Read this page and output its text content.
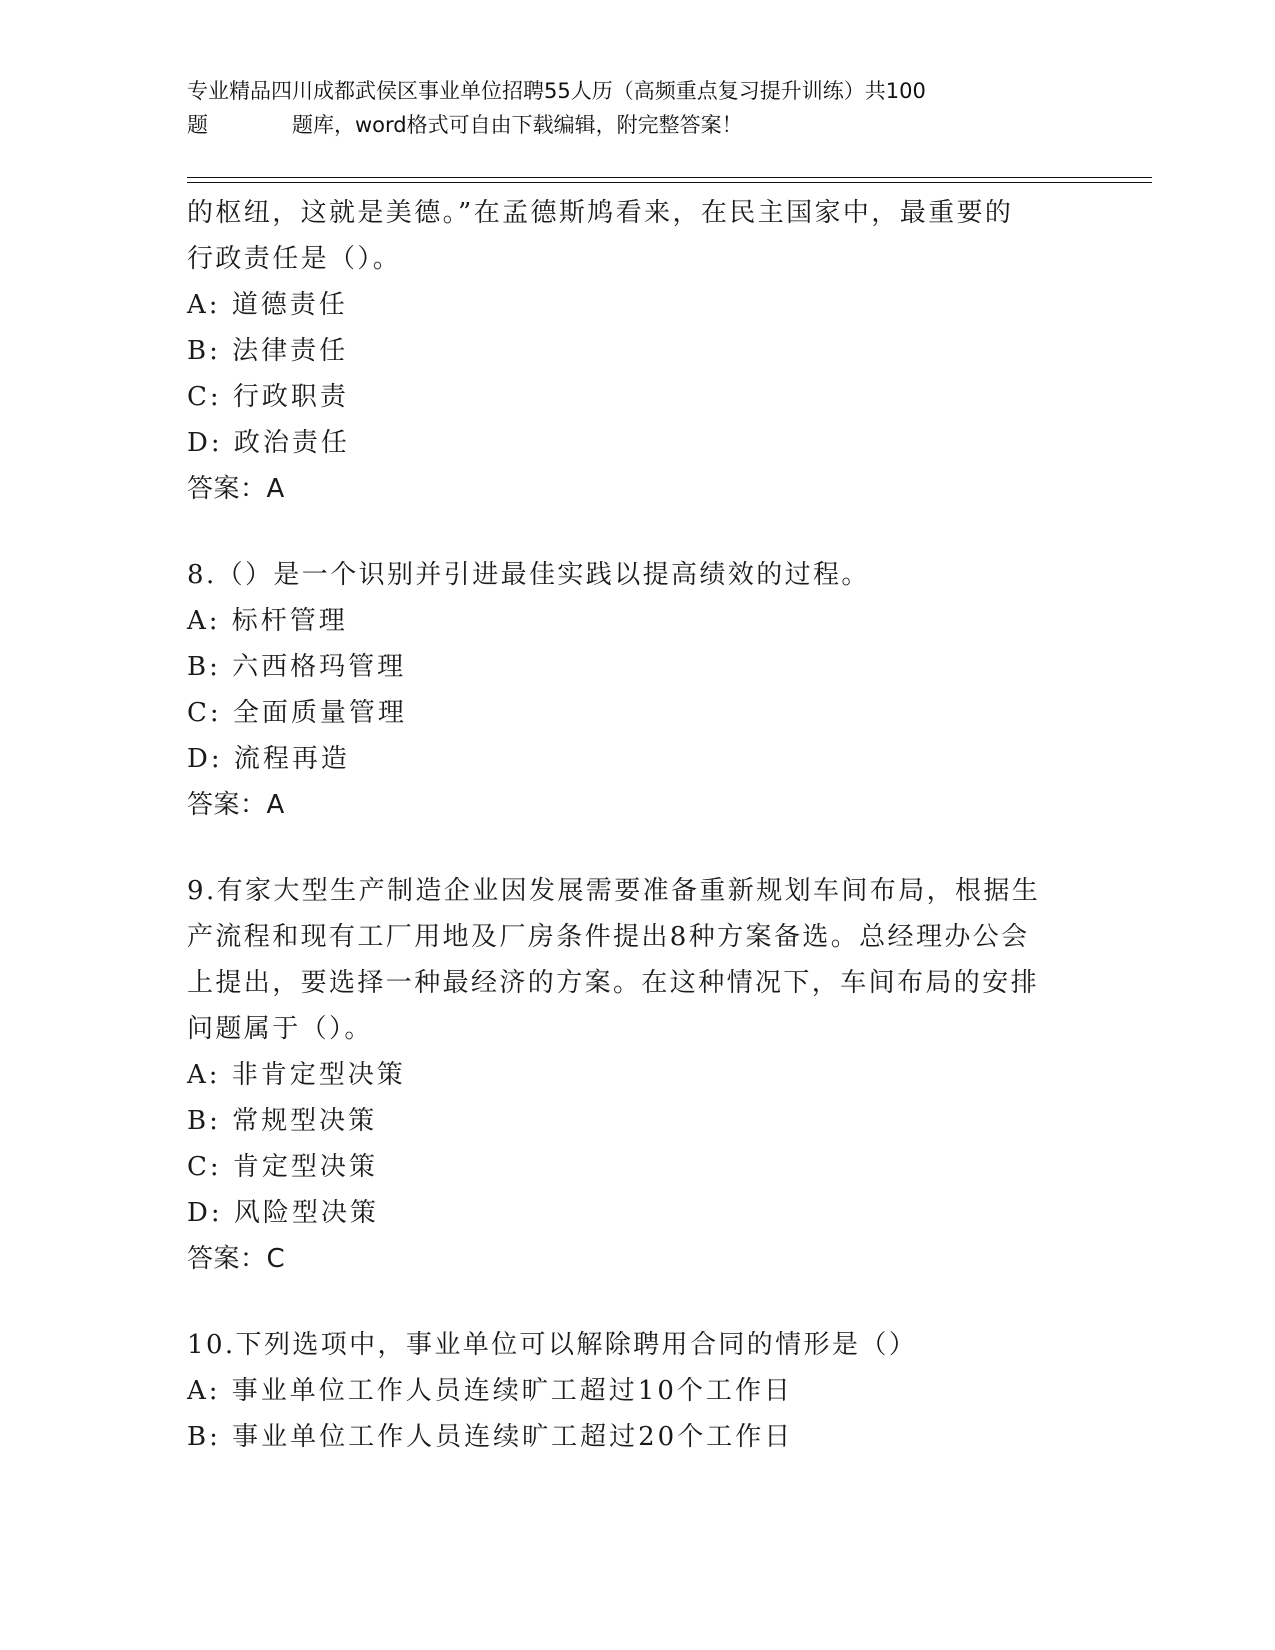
专业精品四川成都武侯区事业单位招聘55人历（高频重点复习提升训练）共100
题　　　　题库，word格式可自由下载编辑，附完整答案！
的枢纽，这就是美德。”在孟德斯鸠看来，在民主国家中，最重要的
行政责任是（）。
A: 道德责任
B: 法律责任
C: 行政职责
D: 政治责任
答案：A
8.（）是一个识别并引进最佳实践以提高绩效的过程。
A: 标杆管理
B: 六西格玛管理
C: 全面质量管理
D: 流程再造
答案：A
9.有家大型生产制造企业因发展需要准备重新规划车间布局，根据生
产流程和现有工厂用地及厂房条件提出8种方案备选。总经理办公会
上提出，要选择一种最经济的方案。在这种情况下，车间布局的安排
问题属于（）。
A: 非肯定型决策
B: 常规型决策
C: 肯定型决策
D: 风险型决策
答案：C
10.下列选项中，事业单位可以解除聘用合同的情形是（）
A: 事业单位工作人员连续旷工超过10个工作日
B: 事业单位工作人员连续旷工超过20个工作日
